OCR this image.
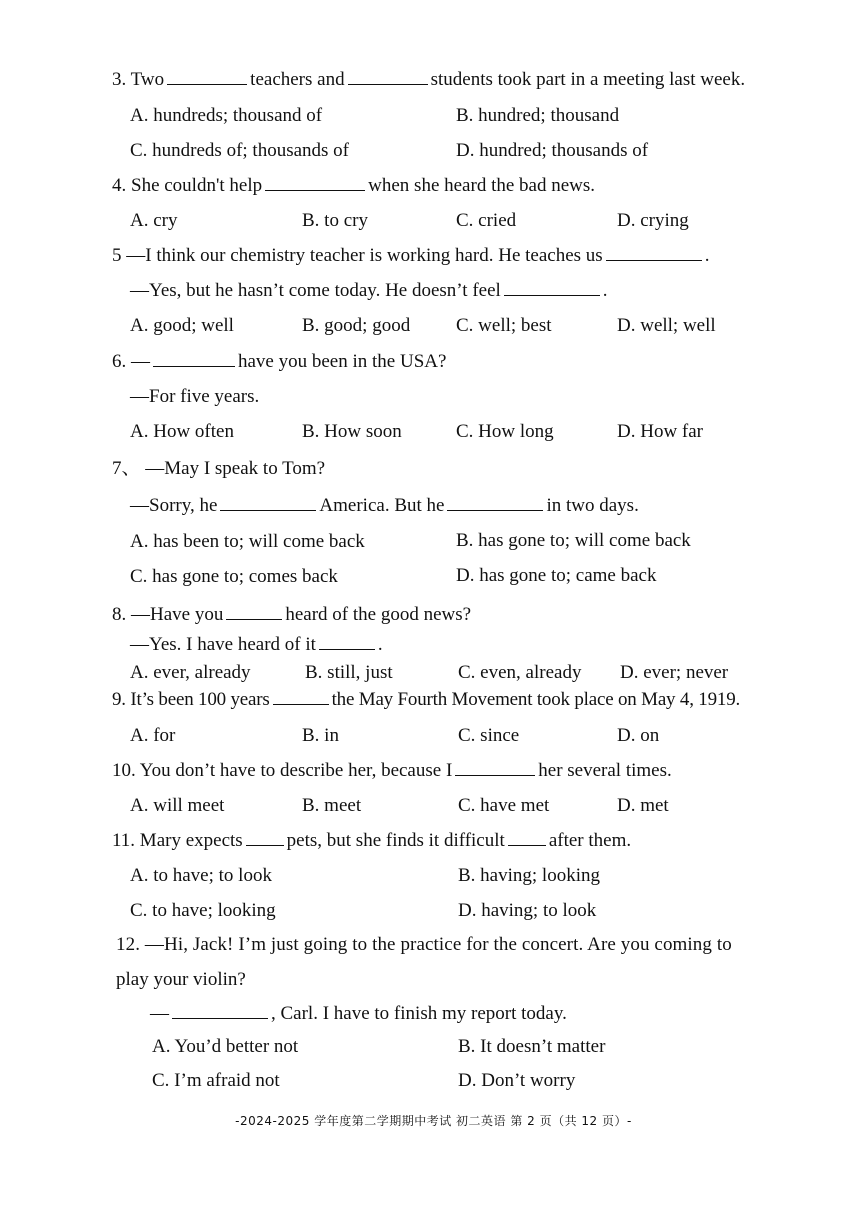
3. Two	teachers and	students took part in a meeting last week.
A. hundreds; thousand of	B. hundred; thousand
C. hundreds of; thousands of	D. hundred; thousands of
4. She couldn't help	when she heard the bad news.
A. cry	B. to cry	C. cried	D. crying
5 —I think our chemistry teacher is working hard. He teaches us	.
—Yes, but he hasn’t come today. He doesn’t feel	.
A. good; well	B. good; good C. well; best	D. well; well
6. —	have you been in the USA?
—For five years.
A. How often	B. How soon	C. How long	D. How far
7、 —May I speak to Tom?
—Sorry, he	America. But he	in two days.
A. has been to; will come back	B. has gone to; will come back
C. has gone to; comes back	D. has gone to; came back
8. —Have you	heard of the good news?
—Yes. I have heard of it	.
A. ever, already	B. still, just	C. even, already D. ever; never
9. It’s been 100 years	the May Fourth Movement took place on May 4, 1919.
A. for	B. in	C. since	D. on
10. You don’t have to describe her, because I	her several times.
A. will meet	B. meet	C. have met	D. met
11. Mary expects pets, but she finds it difficult after them.
A. to have; to look	B. having; looking
C. to have; looking	D. having; to look
12. —Hi, Jack! I’m just going to the practice for the concert. Are you coming to
play your violin?
—	, Carl. I have to finish my report today.
A. You’d better not	B. It doesn’t matter
C. I’m afraid not	D. Don’t worry
-2024-2025 学年度第二学期期中考试 初二英语 第 2 页（共 12 页）-
